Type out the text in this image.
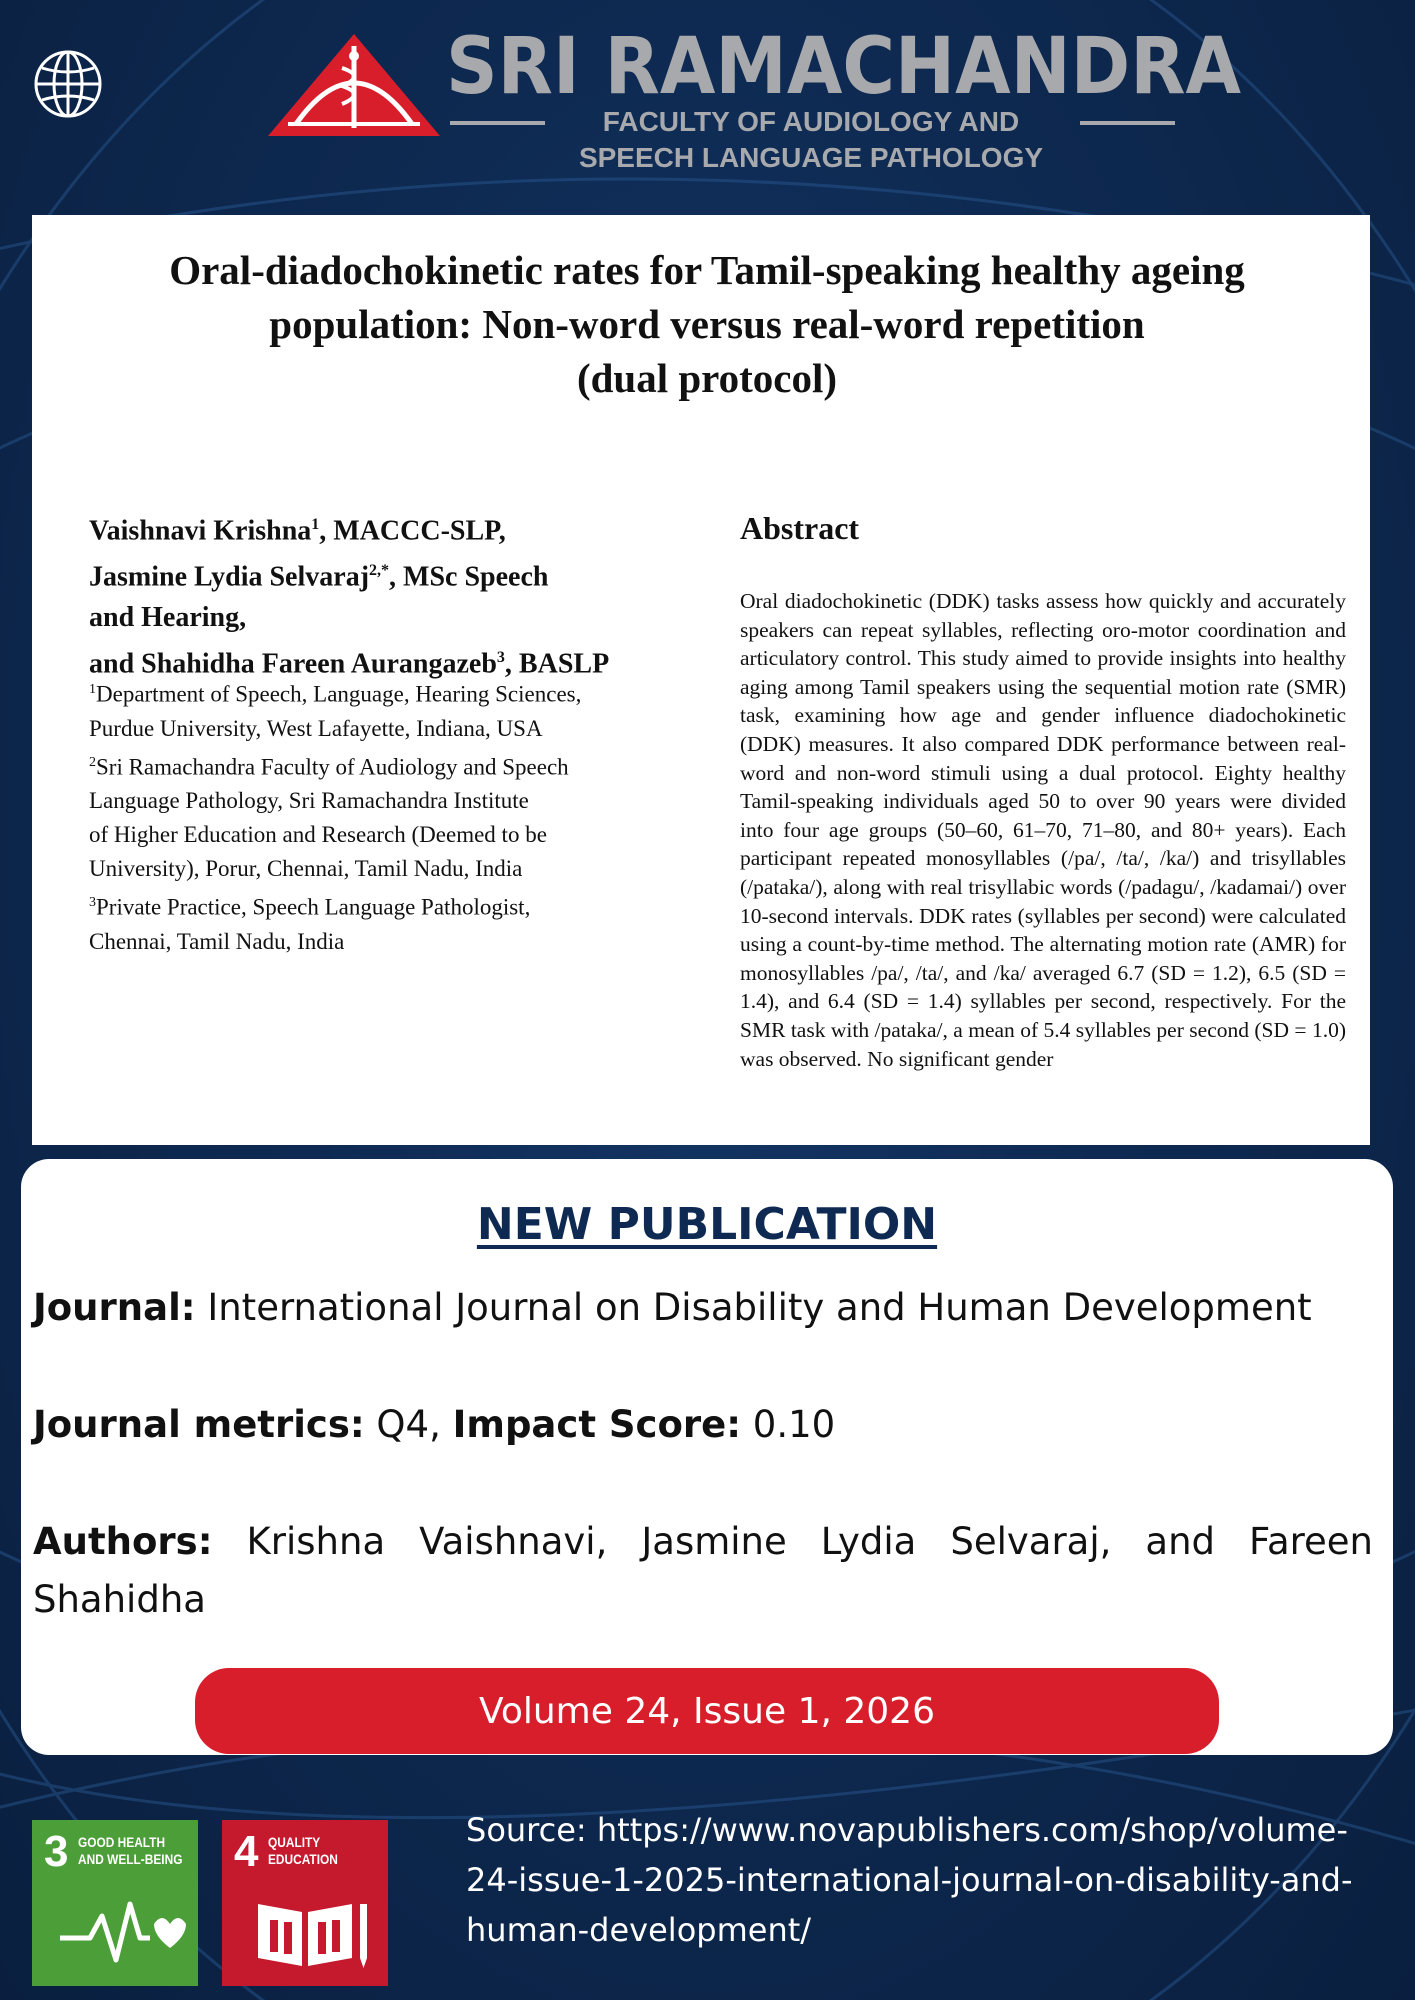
SRI RAMACHANDRA
FACULTY OF AUDIOLOGY AND
SPEECH LANGUAGE PATHOLOGY
Oral-diadochokinetic rates for Tamil-speaking healthy ageing
population: Non-word versus real-word repetition
(dual protocol)
Vaishnavi Krishna$^1$, MACCC-SLP,
Jasmine Lydia Selvaraj$^{2,*}$, MSc Speech
and Hearing,
and Shahidha Fareen Aurangazeb$^3$, BASLP
$^1$Department of Speech, Language, Hearing Sciences,
Purdue University, West Lafayette, Indiana, USA
$^2$Sri Ramachandra Faculty of Audiology and Speech
Language Pathology, Sri Ramachandra Institute
of Higher Education and Research (Deemed to be
University), Porur, Chennai, Tamil Nadu, India
$^3$Private Practice, Speech Language Pathologist,
Chennai, Tamil Nadu, India
Abstract
Oral diadochokinetic (DDK) tasks assess how quickly and accurately speakers can repeat syllables, reflecting oro-motor coordination and articulatory control. This study aimed to provide insights into healthy aging among Tamil speakers using the sequential motion rate (SMR) task, examining how age and gender influence diadochokinetic (DDK) measures. It also compared DDK performance between real-word and non-word stimuli using a dual protocol. Eighty healthy Tamil-speaking individuals aged 50 to over 90 years were divided into four age groups (50–60, 61–70, 71–80, and 80+ years). Each participant repeated monosyllables (/pa/, /ta/, /ka/) and trisyllables (/pataka/), along with real trisyllabic words (/padagu/, /kadamai/) over 10-second intervals. DDK rates (syllables per second) were calculated using a count-by-time method. The alternating motion rate (AMR) for monosyllables /pa/, /ta/, and /ka/ averaged 6.7 (SD = 1.2), 6.5 (SD = 1.4), and 6.4 (SD = 1.4) syllables per second, respectively. For the SMR task with /pataka/, a mean of 5.4 syllables per second (SD = 1.0) was observed. No significant gender
NEW PUBLICATION
Journal: International Journal on Disability and Human Development
Journal metrics: Q4, Impact Score: 0.10
Authors: Krishna Vaishnavi, Jasmine Lydia Selvaraj, and Fareen Shahidha
Volume 24, Issue 1, 2026
3 GOOD HEALTH
AND WELL-BEING 4 QUALITY
EDUCATION
Source: https://www.novapublishers.com/shop/volume-
24-issue-1-2025-international-journal-on-disability-and-
human-development/
